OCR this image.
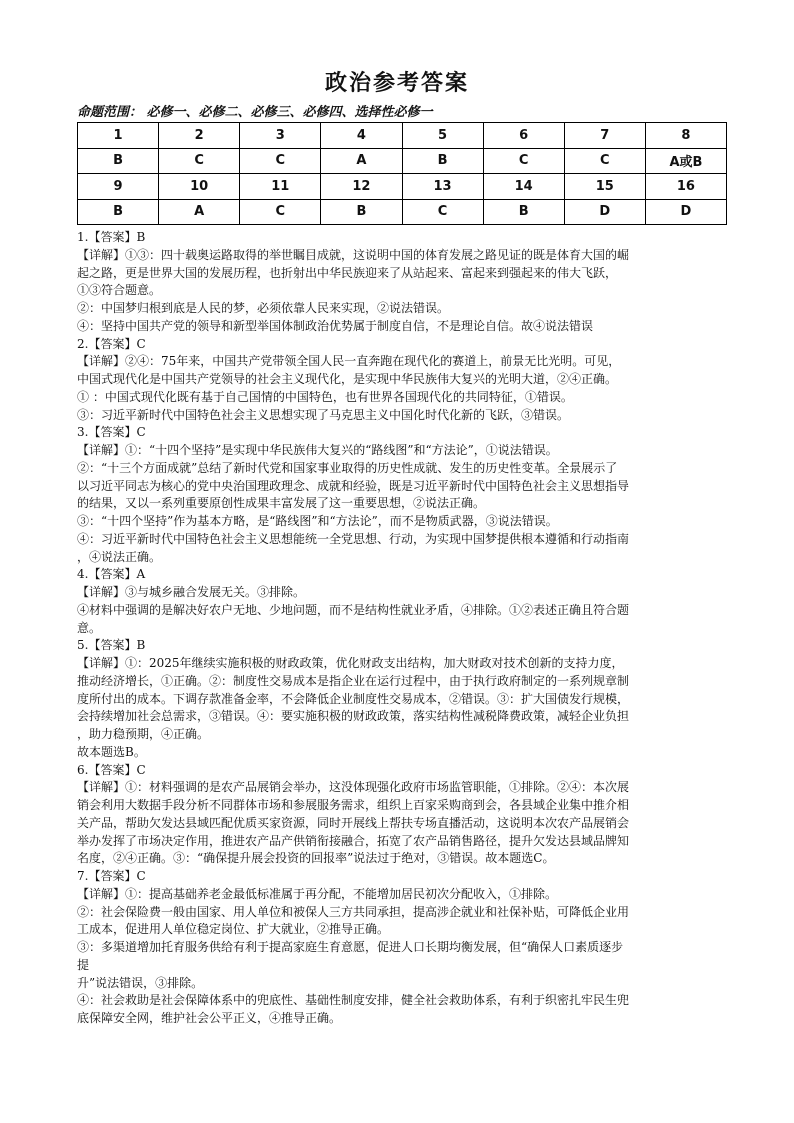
政治参考答案
命题范围： 必修一、必修二、必修三、必修四、选择性必修一
1	2	3	4	5	6	7	8
B	C	C	A	B	C	C	A或B
9	10	11	12	13	14	15	16
B	A	C	B	C	B	D	D
1.【答案】B
【详解】①③：四十载奥运路取得的举世瞩目成就，这说明中国的体育发展之路见证的既是体育大国的崛
起之路，更是世界大国的发展历程，也折射出中华民族迎来了从站起来、富起来到强起来的伟大飞跃，
①③符合题意。
②：中国梦归根到底是人民的梦，必须依靠人民来实现，②说法错误。
④：坚持中国共产党的领导和新型举国体制政治优势属于制度自信，不是理论自信。故④说法错误
2.【答案】C
【详解】②④：75年来，中国共产党带领全国人民一直奔跑在现代化的赛道上，前景无比光明。可见，
中国式现代化是中国共产党领导的社会主义现代化，是实现中华民族伟大复兴的光明大道，②④正确。
① ：中国式现代化既有基于自己国情的中国特色，也有世界各国现代化的共同特征，①错误。
③：习近平新时代中国特色社会主义思想实现了马克思主义中国化时代化新的飞跃，③错误。
3.【答案】C
【详解】①：“十四个坚持”是实现中华民族伟大复兴的“路线图”和“方法论”，①说法错误。
②：“十三个方面成就”总结了新时代党和国家事业取得的历史性成就、发生的历史性变革。全景展示了
以习近平同志为核心的党中央治国理政理念、成就和经验，既是习近平新时代中国特色社会主义思想指导
的结果，又以一系列重要原创性成果丰富发展了这一重要思想，②说法正确。
③：“十四个坚持”作为基本方略，是“路线图”和“方法论”，而不是物质武器，③说法错误。
④：习近平新时代中国特色社会主义思想能统一全党思想、行动，为实现中国梦提供根本遵循和行动指南
，④说法正确。
4.【答案】A
【详解】③与城乡融合发展无关。③排除。
④材料中强调的是解决好农户无地、少地问题，而不是结构性就业矛盾，④排除。①②表述正确且符合题
意。
5.【答案】B
【详解】①：2025年继续实施积极的财政政策，优化财政支出结构，加大财政对技术创新的支持力度，
推动经济增长，①正确。②：制度性交易成本是指企业在运行过程中，由于执行政府制定的一系列规章制
度所付出的成本。下调存款准备金率，不会降低企业制度性交易成本，②错误。③：扩大国债发行规模，
会持续增加社会总需求，③错误。④：要实施积极的财政政策，落实结构性减税降费政策，减轻企业负担
，助力稳预期，④正确。
故本题选B。
6.【答案】C
【详解】①：材料强调的是农产品展销会举办，这没体现强化政府市场监管职能，①排除。②④：本次展
销会利用大数据手段分析不同群体市场和参展服务需求，组织上百家采购商到会，各县域企业集中推介相
关产品，帮助欠发达县域匹配优质买家资源，同时开展线上帮扶专场直播活动，这说明本次农产品展销会
举办发挥了市场决定作用，推进农产品产供销衔接融合，拓宽了农产品销售路径，提升欠发达县域品牌知
名度，②④正确。③：“确保提升展会投资的回报率”说法过于绝对，③错误。故本题选C。
7.【答案】C
【详解】①：提高基础养老金最低标准属于再分配，不能增加居民初次分配收入，①排除。
②：社会保险费一般由国家、用人单位和被保人三方共同承担，提高涉企就业和社保补贴，可降低企业用
工成本，促进用人单位稳定岗位、扩大就业，②推导正确。
③：多渠道增加托育服务供给有利于提高家庭生育意愿，促进人口长期均衡发展，但“确保人口素质逐步
提
升”说法错误，③排除。
④：社会救助是社会保障体系中的兜底性、基础性制度安排，健全社会救助体系，有利于织密扎牢民生兜
底保障安全网，维护社会公平正义，④推导正确。
